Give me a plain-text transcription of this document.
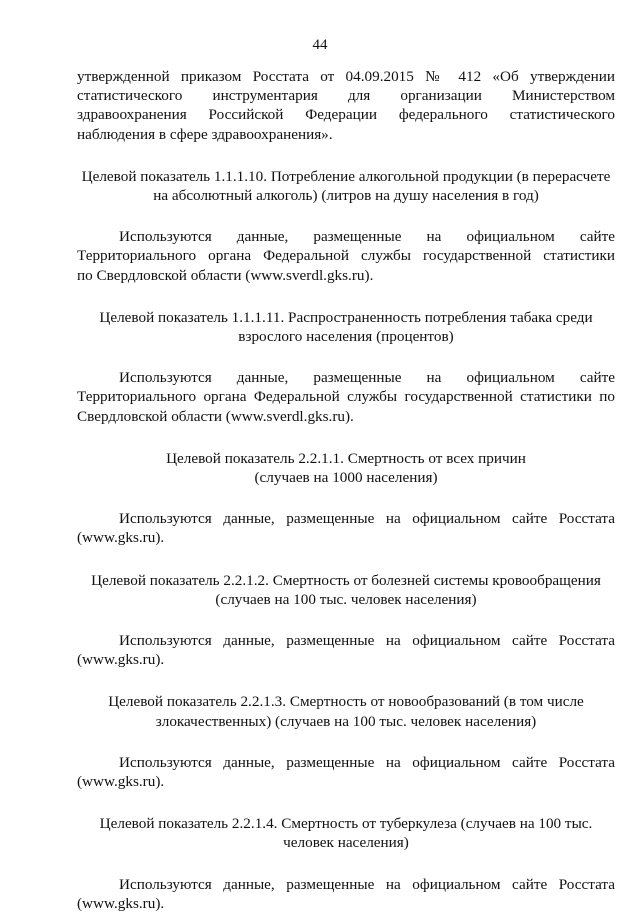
44
утвержденной приказом Росстата от 04.09.2015 № 412 «Об утверждении
статистического инструментария для организации Министерством
здравоохранения Российской Федерации федерального статистического
наблюдения в сфере здравоохранения».
Целевой показатель 1.1.1.10. Потребление алкогольной продукции (в перерасчете
на абсолютный алкоголь) (литров на душу населения в год)
Используются данные, размещенные на официальном сайте
Территориального органа Федеральной службы государственной статистики
по Свердловской области (www.sverdl.gks.ru).
Целевой показатель 1.1.1.11. Распространенность потребления табака среди
взрослого населения (процентов)
Используются данные, размещенные на официальном сайте
Территориального органа Федеральной службы государственной статистики по
Свердловской области (www.sverdl.gks.ru).
Целевой показатель 2.2.1.1. Смертность от всех причин
(случаев на 1000 населения)
Используются данные, размещенные на официальном сайте Росстата
(www.gks.ru).
Целевой показатель 2.2.1.2. Смертность от болезней системы кровообращения
(случаев на 100 тыс. человек населения)
Используются данные, размещенные на официальном сайте Росстата
(www.gks.ru).
Целевой показатель 2.2.1.3. Смертность от новообразований (в том числе
злокачественных) (случаев на 100 тыс. человек населения)
Используются данные, размещенные на официальном сайте Росстата
(www.gks.ru).
Целевой показатель 2.2.1.4. Смертность от туберкулеза (случаев на 100 тыс.
человек населения)
Используются данные, размещенные на официальном сайте Росстата
(www.gks.ru).
